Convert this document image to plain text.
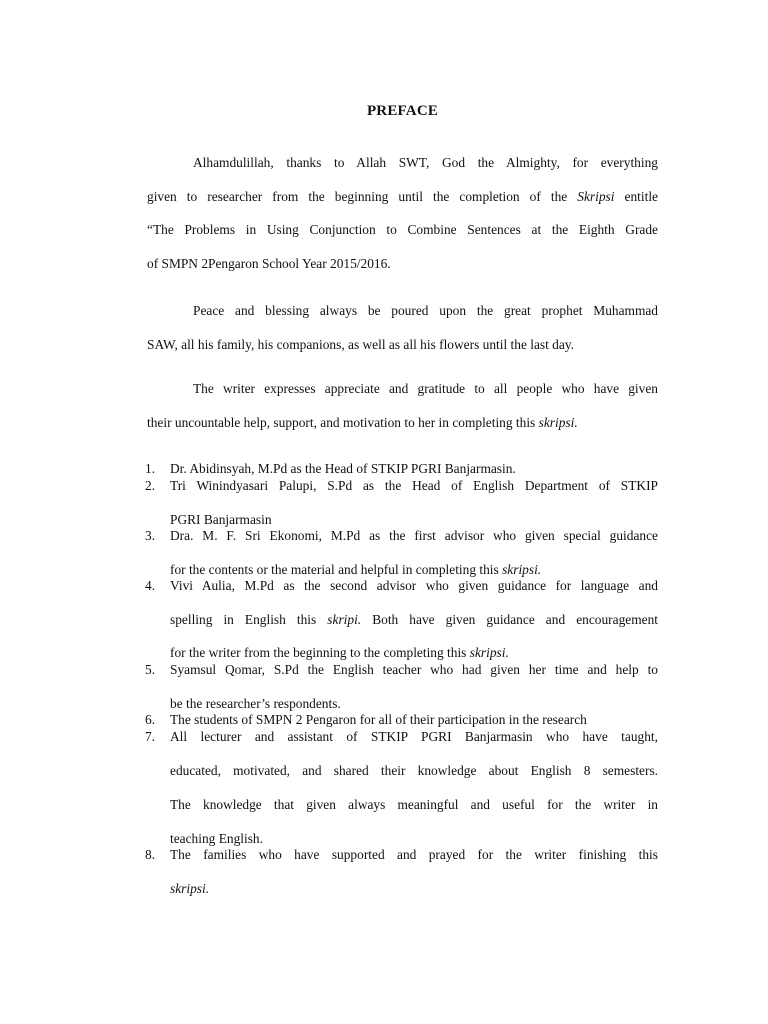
PREFACE
Alhamdulillah, thanks to Allah SWT, God the Almighty, for everything
given to researcher from the beginning until the completion of the Skripsi entitle
“The Problems in Using Conjunction to Combine Sentences at the Eighth Grade
of SMPN 2Pengaron School Year 2015/2016.
Peace and blessing always be poured upon the great prophet Muhammad
SAW, all his family, his companions, as well as all his flowers until the last day.
The writer expresses appreciate and gratitude to all people who have given
their uncountable help, support, and motivation to her in completing this skripsi.
1.	Dr. Abidinsyah, M.Pd as the Head of STKIP PGRI Banjarmasin.
2.	Tri Winindyasari Palupi, S.Pd as the Head of English Department of STKIP
PGRI Banjarmasin
3.	Dra. M. F. Sri Ekonomi, M.Pd as the first advisor who given special guidance
for the contents or the material and helpful in completing this skripsi.
4.	Vivi Aulia, M.Pd as the second advisor who given guidance for language and
spelling in English this skripi. Both have given guidance and encouragement
for the writer from the beginning to the completing this skripsi.
5.	Syamsul Qomar, S.Pd the English teacher who had given her time and help to
be the researcher’s respondents.
6.	The students of SMPN 2 Pengaron for all of their participation in the research
7.	All lecturer and assistant of STKIP PGRI Banjarmasin who have taught,
educated, motivated, and shared their knowledge about English 8 semesters.
The knowledge that given always meaningful and useful for the writer in
teaching English.
8.	The families who have supported and prayed for the writer finishing this
skripsi.
